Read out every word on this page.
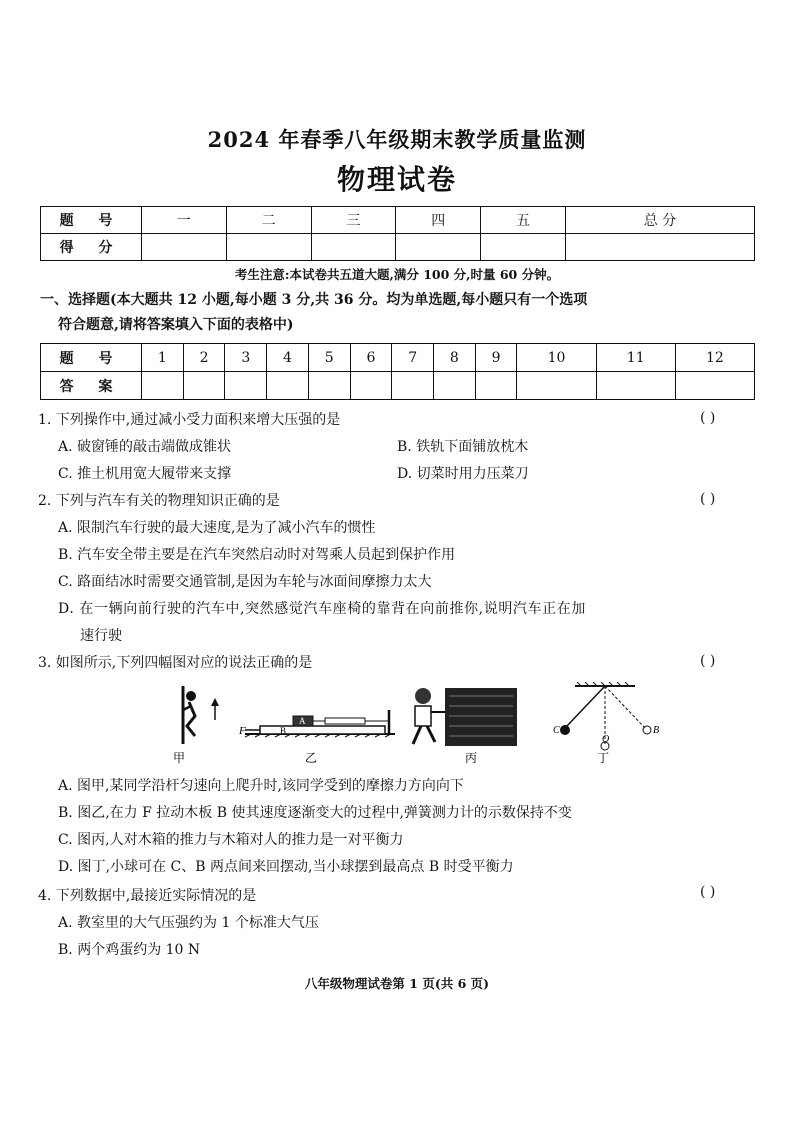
2024 年春季八年级期末教学质量监测
物理试卷
题 号	一	二	三	四	五	总 分
得 分						
考生注意:本试卷共五道大题,满分 100 分,时量 60 分钟。
一、选择题(本大题共 12 小题,每小题 3 分,共 36 分。均为单选题,每小题只有一个选项
符合题意,请将答案填入下面的表格中)
题 号	1	2	3	4	5	6	7	8	9	10	11	12
答 案												
1. 下列操作中,通过减小受力面积来增大压强的是	( )
A. 破窗锤的敲击端做成锥状	B. 铁轨下面铺放枕木
C. 推土机用宽大履带来支撑	D. 切菜时用力压菜刀
2. 下列与汽车有关的物理知识正确的是	( )
A. 限制汽车行驶的最大速度,是为了减小汽车的惯性
B. 汽车安全带主要是在汽车突然启动时对驾乘人员起到保护作用
C. 路面结冰时需要交通管制,是因为车轮与冰面间摩擦力太大
D. 在一辆向前行驶的汽车中,突然感觉汽车座椅的靠背在向前推你,说明汽车正在加
速行驶
3. 如图所示,下列四幅图对应的说法正确的是	( )
F	B
A
C
O
B
甲	乙	丙	丁
A. 图甲,某同学沿杆匀速向上爬升时,该同学受到的摩擦力方向向下
B. 图乙,在力 F 拉动木板 B 使其速度逐渐变大的过程中,弹簧测力计的示数保持不变
C. 图丙,人对木箱的推力与木箱对人的推力是一对平衡力
D. 图丁,小球可在 C、B 两点间来回摆动,当小球摆到最高点 B 时受平衡力
4. 下列数据中,最接近实际情况的是	( )
A. 教室里的大气压强约为 1 个标准大气压
B. 两个鸡蛋约为 10 N
八年级物理试卷第 1 页(共 6 页)
